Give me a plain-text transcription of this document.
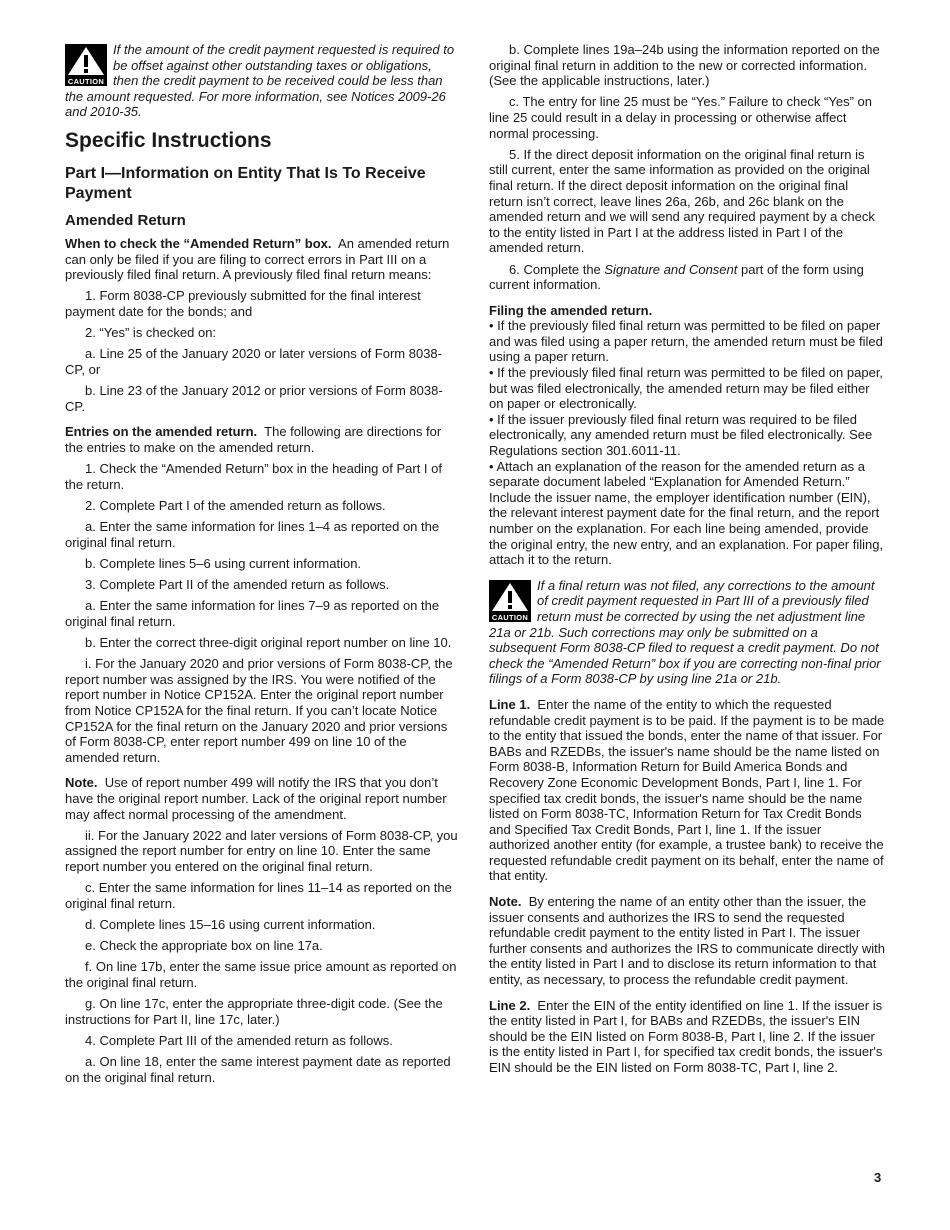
CAUTION

If the amount of the credit payment requested is required to be offset against other outstanding taxes or obligations, then the credit payment to be received could be less than the amount requested. For more information, see Notices 2009-26 and 2010-35.

Specific Instructions
Part I—Information on Entity That Is To Receive Payment
Amended Return

When to check the “Amended Return” box. An amended return can only be filed if you are filing to correct errors in Part III on a previously filed final return. A previously filed final return means:

1. Form 8038-CP previously submitted for the final interest payment date for the bonds; and

2. “Yes” is checked on:

a. Line 25 of the January 2020 or later versions of Form 8038-CP, or

b. Line 23 of the January 2012 or prior versions of Form 8038-CP.

Entries on the amended return. The following are directions for the entries to make on the amended return.

1. Check the “Amended Return” box in the heading of Part I of the return.

2. Complete Part I of the amended return as follows.

a. Enter the same information for lines 1–4 as reported on the original final return.

b. Complete lines 5–6 using current information.

3. Complete Part II of the amended return as follows.

a. Enter the same information for lines 7–9 as reported on the original final return.

b. Enter the correct three-digit original report number on line 10.

i. For the January 2020 and prior versions of Form 8038-CP, the report number was assigned by the IRS. You were notified of the report number in Notice CP152A. Enter the original report number from Notice CP152A for the final return. If you can’t locate Notice CP152A for the final return on the January 2020 and prior versions of Form 8038-CP, enter report number 499 on line 10 of the amended return.

Note. Use of report number 499 will notify the IRS that you don’t have the original report number. Lack of the original report number may affect normal processing of the amendment.

ii. For the January 2022 and later versions of Form 8038-CP, you assigned the report number for entry on line 10. Enter the same report number you entered on the original final return.

c. Enter the same information for lines 11–14 as reported on the original final return.

d. Complete lines 15–16 using current information.

e. Check the appropriate box on line 17a.

f. On line 17b, enter the same issue price amount as reported on the original final return.

g. On line 17c, enter the appropriate three-digit code. (See the instructions for Part II, line 17c, later.)

4. Complete Part III of the amended return as follows.

a. On line 18, enter the same interest payment date as reported on the original final return.

b. Complete lines 19a–24b using the information reported on the original final return in addition to the new or corrected information. (See the applicable instructions, later.)

c. The entry for line 25 must be “Yes.” Failure to check “Yes” on line 25 could result in a delay in processing or otherwise affect normal processing.

5. If the direct deposit information on the original final return is still current, enter the same information as provided on the original final return. If the direct deposit information on the original final return isn’t correct, leave lines 26a, 26b, and 26c blank on the amended return and we will send any required payment by a check to the entity listed in Part I at the address listed in Part I of the amended return.

6. Complete the Signature and Consent part of the form using current information.

Filing the amended return.

• If the previously filed final return was permitted to be filed on paper and was filed using a paper return, the amended return must be filed using a paper return.

• If the previously filed final return was permitted to be filed on paper, but was filed electronically, the amended return may be filed either on paper or electronically.

• If the issuer previously filed final return was required to be filed electronically, any amended return must be filed electronically. See Regulations section 301.6011-11.

• Attach an explanation of the reason for the amended return as a separate document labeled “Explanation for Amended Return.” Include the issuer name, the employer identification number (EIN), the relevant interest payment date for the final return, and the report number on the explanation. For each line being amended, provide the original entry, the new entry, and an explanation. For paper filing, attach it to the return.

CAUTION

If a final return was not filed, any corrections to the amount of credit payment requested in Part III of a previously filed return must be corrected by using the net adjustment line 21a or 21b. Such corrections may only be submitted on a subsequent Form 8038-CP filed to request a credit payment. Do not check the “Amended Return” box if you are correcting non-final prior filings of a Form 8038-CP by using line 21a or 21b.

Line 1. Enter the name of the entity to which the requested refundable credit payment is to be paid. If the payment is to be made to the entity that issued the bonds, enter the name of that issuer. For BABs and RZEDBs, the issuer's name should be the name listed on Form 8038-B, Information Return for Build America Bonds and Recovery Zone Economic Development Bonds, Part I, line 1. For specified tax credit bonds, the issuer's name should be the name listed on Form 8038-TC, Information Return for Tax Credit Bonds and Specified Tax Credit Bonds, Part I, line 1. If the issuer authorized another entity (for example, a trustee bank) to receive the requested refundable credit payment on its behalf, enter the name of that entity.

Note. By entering the name of an entity other than the issuer, the issuer consents and authorizes the IRS to send the requested refundable credit payment to the entity listed in Part I. The issuer further consents and authorizes the IRS to communicate directly with the entity listed in Part I and to disclose its return information to that entity, as necessary, to process the refundable credit payment.

Line 2. Enter the EIN of the entity identified on line 1. If the issuer is the entity listed in Part I, for BABs and RZEDBs, the issuer's EIN should be the EIN listed on Form 8038-B, Part I, line 2. If the issuer is the entity listed in Part I, for specified tax credit bonds, the issuer's EIN should be the EIN listed on Form 8038-TC, Part I, line 2.

3
